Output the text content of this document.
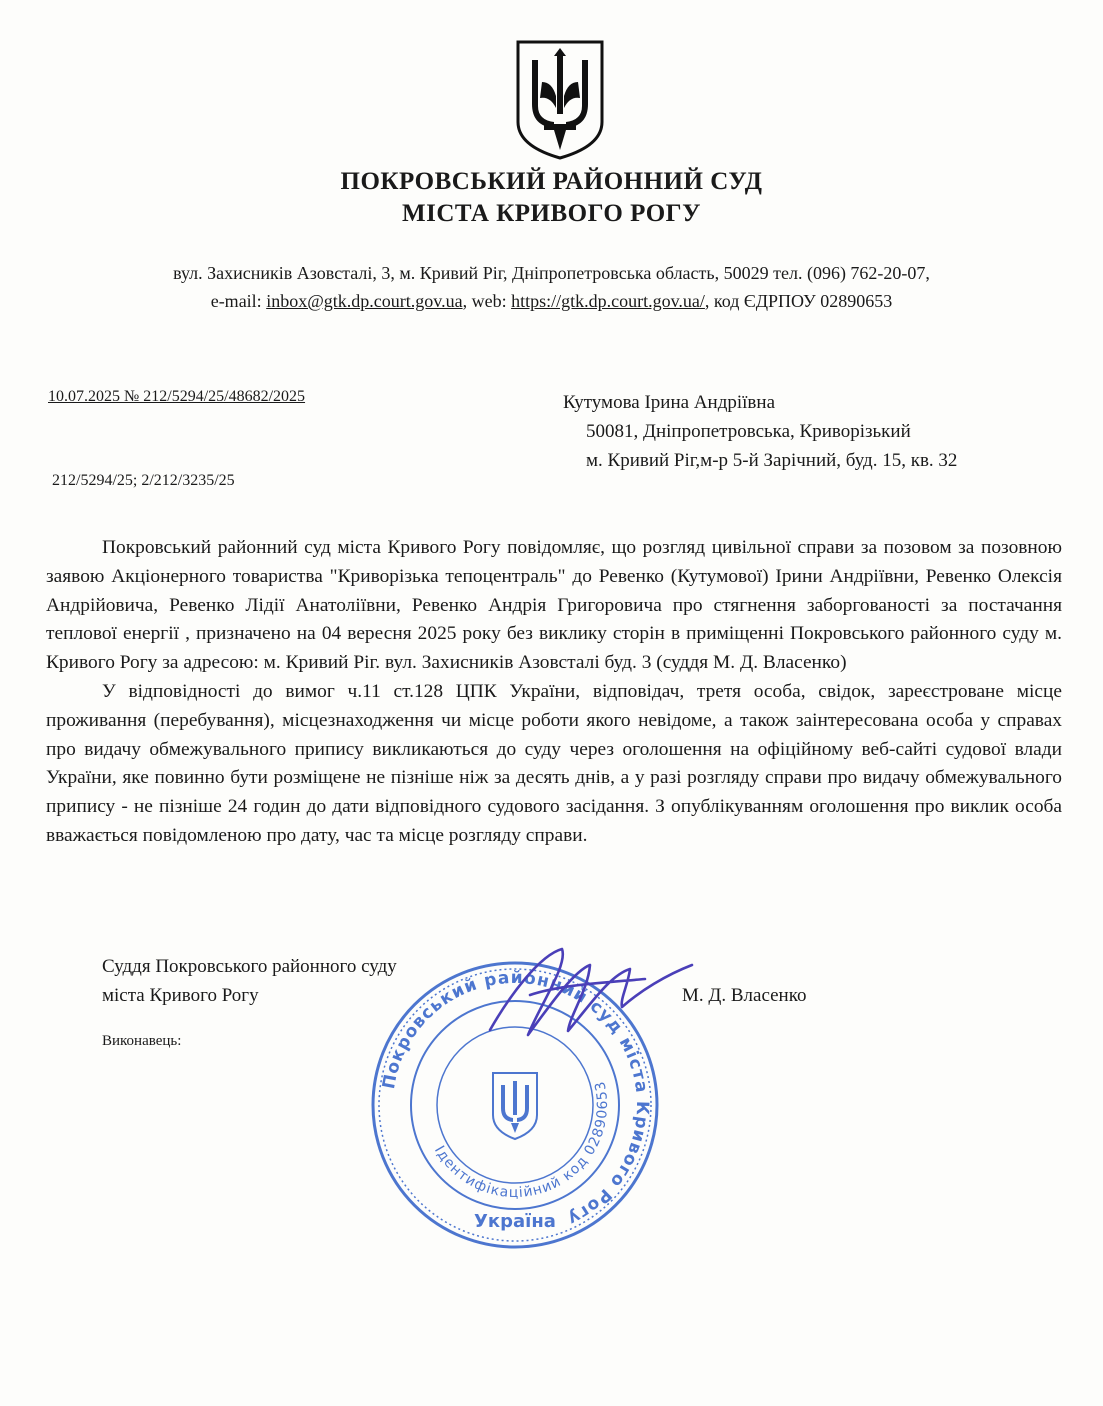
ПОКРОВСЬКИЙ РАЙОННИЙ СУД
МІСТА КРИВОГО РОГУ
вул. Захисників Азовсталі, 3, м. Кривий Ріг, Дніпропетровська область, 50029 тел. (096) 762-20-07,
e-mail: inbox@gtk.dp.court.gov.ua, web: https://gtk.dp.court.gov.ua/, код ЄДРПОУ 02890653
10.07.2025 № 212/5294/25/48682/2025
212/5294/25; 2/212/3235/25
Кутумова Ірина Андріївна
50081, Дніпропетровська, Криворізький
м. Кривий Ріг,м-р 5-й Зарічний, буд. 15, кв. 32

Покровський районний суд міста Кривого Рогу повідомляє, що розгляд цивільної справи за позовом за позовною заявою Акціонерного товариства "Криворізька тепоцентраль" до Ревенко (Кутумової) Ірини Андріївни, Ревенко Олексія Андрійовича, Ревенко Лідії Анатоліївни, Ревенко Андрія Григоровича про стягнення заборгованості за постачання теплової енергії , призначено на 04 вересня 2025 року без виклику сторін в приміщенні Покровського районного суду м. Кривого Рогу за адресою: м. Кривий Ріг. вул. Захисників Азовсталі буд. 3 (суддя М. Д. Власенко)

У відповідності до вимог ч.11 ст.128 ЦПК України, відповідач, третя особа, свідок, зареєстроване місце проживання (перебування), місцезнаходження чи місце роботи якого невідоме, а також заінтересована особа у справах про видачу обмежувального припису викликаються до суду через оголошення на офіційному веб-сайті судової влади України, яке повинно бути розміщене не пізніше ніж за десять днів, а у разі розгляду справи про видачу обмежувального припису - не пізніше 24 годин до дати відповідного судового засідання. З опублікуванням оголошення про виклик особа вважається повідомленою про дату, час та місце розгляду справи.

Суддя Покровського районного суду
міста Кривого Рогу	М. Д. Власенко
Виконавець:
Покровський районний суд міста Кривого Рогу
Ідентифікаційний код 02890653
Україна
